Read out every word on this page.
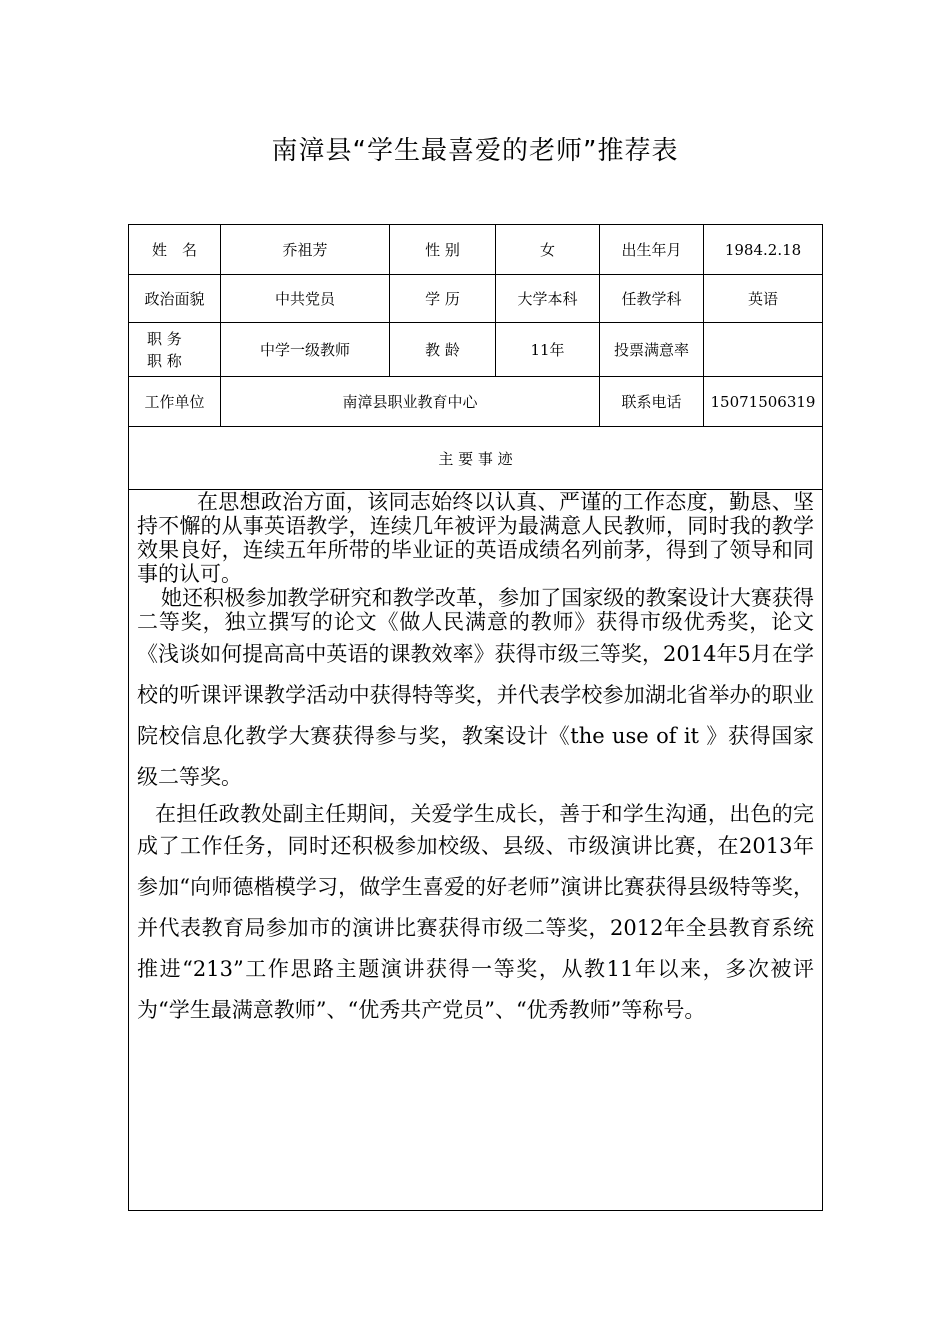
南漳县“学生最喜爱的老师”推荐表
姓　名	乔祖芳	性 别	女	出生年月	1984.2.18
政治面貌	中共党员	学 历	大学本科	任教学科	英语

职 务
职 称	中学一级教师	教 龄	11年	投票满意率	
工作单位	南漳县职业教育中心			联系电话	15071506319
主 要 事 迹					

在思想政治方面，该同志始终以认真、严谨的工作态度，勤恳、坚持不懈的从事英语教学，连续几年被评为最满意人民教师，同时我的教学效果良好，连续五年所带的毕业证的英语成绩名列前茅，得到了领导和同事的认可。

她还积极参加教学研究和教学改革，参加了国家级的教案设计大赛获得二等奖，独立撰写的论文《做人民满意的教师》获得市级优秀奖，论文《浅谈如何提高高中英语的课教效率》获得市级三等奖，2014年5月在学校的听课评课教学活动中获得特等奖，并代表学校参加湖北省举办的职业院校信息化教学大赛获得参与奖，教案设计《the use of it 》获得国家级二等奖。

在担任政教处副主任期间，关爱学生成长，善于和学生沟通，出色的完成了工作任务，同时还积极参加校级、县级、市级演讲比赛，在2013年参加“向师德楷模学习，做学生喜爱的好老师”演讲比赛获得县级特等奖，并代表教育局参加市的演讲比赛获得市级二等奖，2012年全县教育系统推进“213”工作思路主题演讲获得一等奖，从教11年以来，多次被评为“学生最满意教师”、“优秀共产党员”、“优秀教师”等称号。					
